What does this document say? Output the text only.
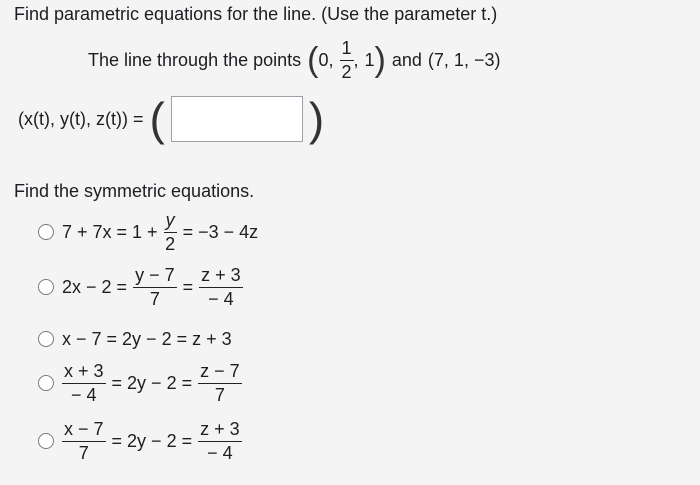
Find parametric equations for the line. (Use the parameter t.)
The line through the points ( 0, $\frac{1}{2}$ , 1 ) and (7, 1, −3)
(x(t), y(t), z(t)) = (	)
Find the symmetric equations.
$7 + 7x = 1 + \frac{y}{2} = -3 - 4z$
$2x - 2 = \frac{y - 7}{7} = \frac{z + 3}{- 4}$
x − 7 = 2y − 2 = z + 3
$\frac{x + 3}{- 4} = 2y - 2 = \frac{z - 7}{7}$
$\frac{x - 7}{7} = 2y - 2 = \frac{z + 3}{- 4}$
